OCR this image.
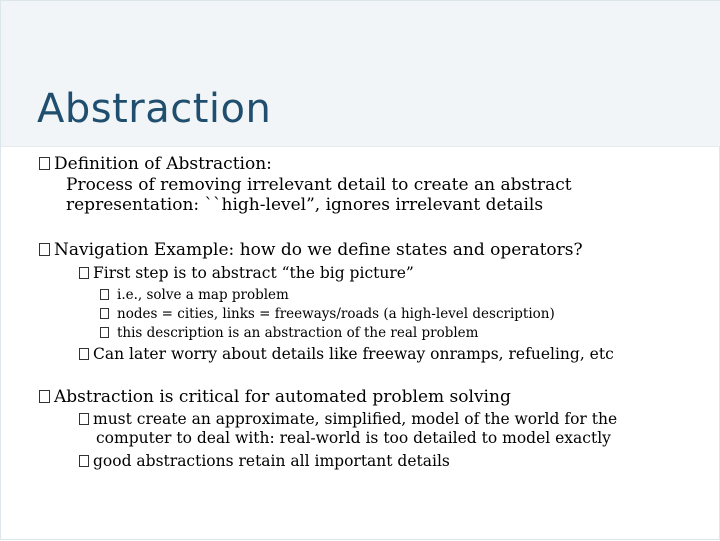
Abstraction
Definition of Abstraction:
Process of removing irrelevant detail to create an abstract
representation: ``high-level”, ignores irrelevant details
Navigation Example: how do we define states and operators?
First step is to abstract “the big picture”
i.e., solve a map problem
nodes = cities, links = freeways/roads (a high-level description)
this description is an abstraction of the real problem
Can later worry about details like freeway onramps, refueling, etc
Abstraction is critical for automated problem solving
must create an approximate, simplified, model of the world for the
computer to deal with: real-world is too detailed to model exactly
good abstractions retain all important details
